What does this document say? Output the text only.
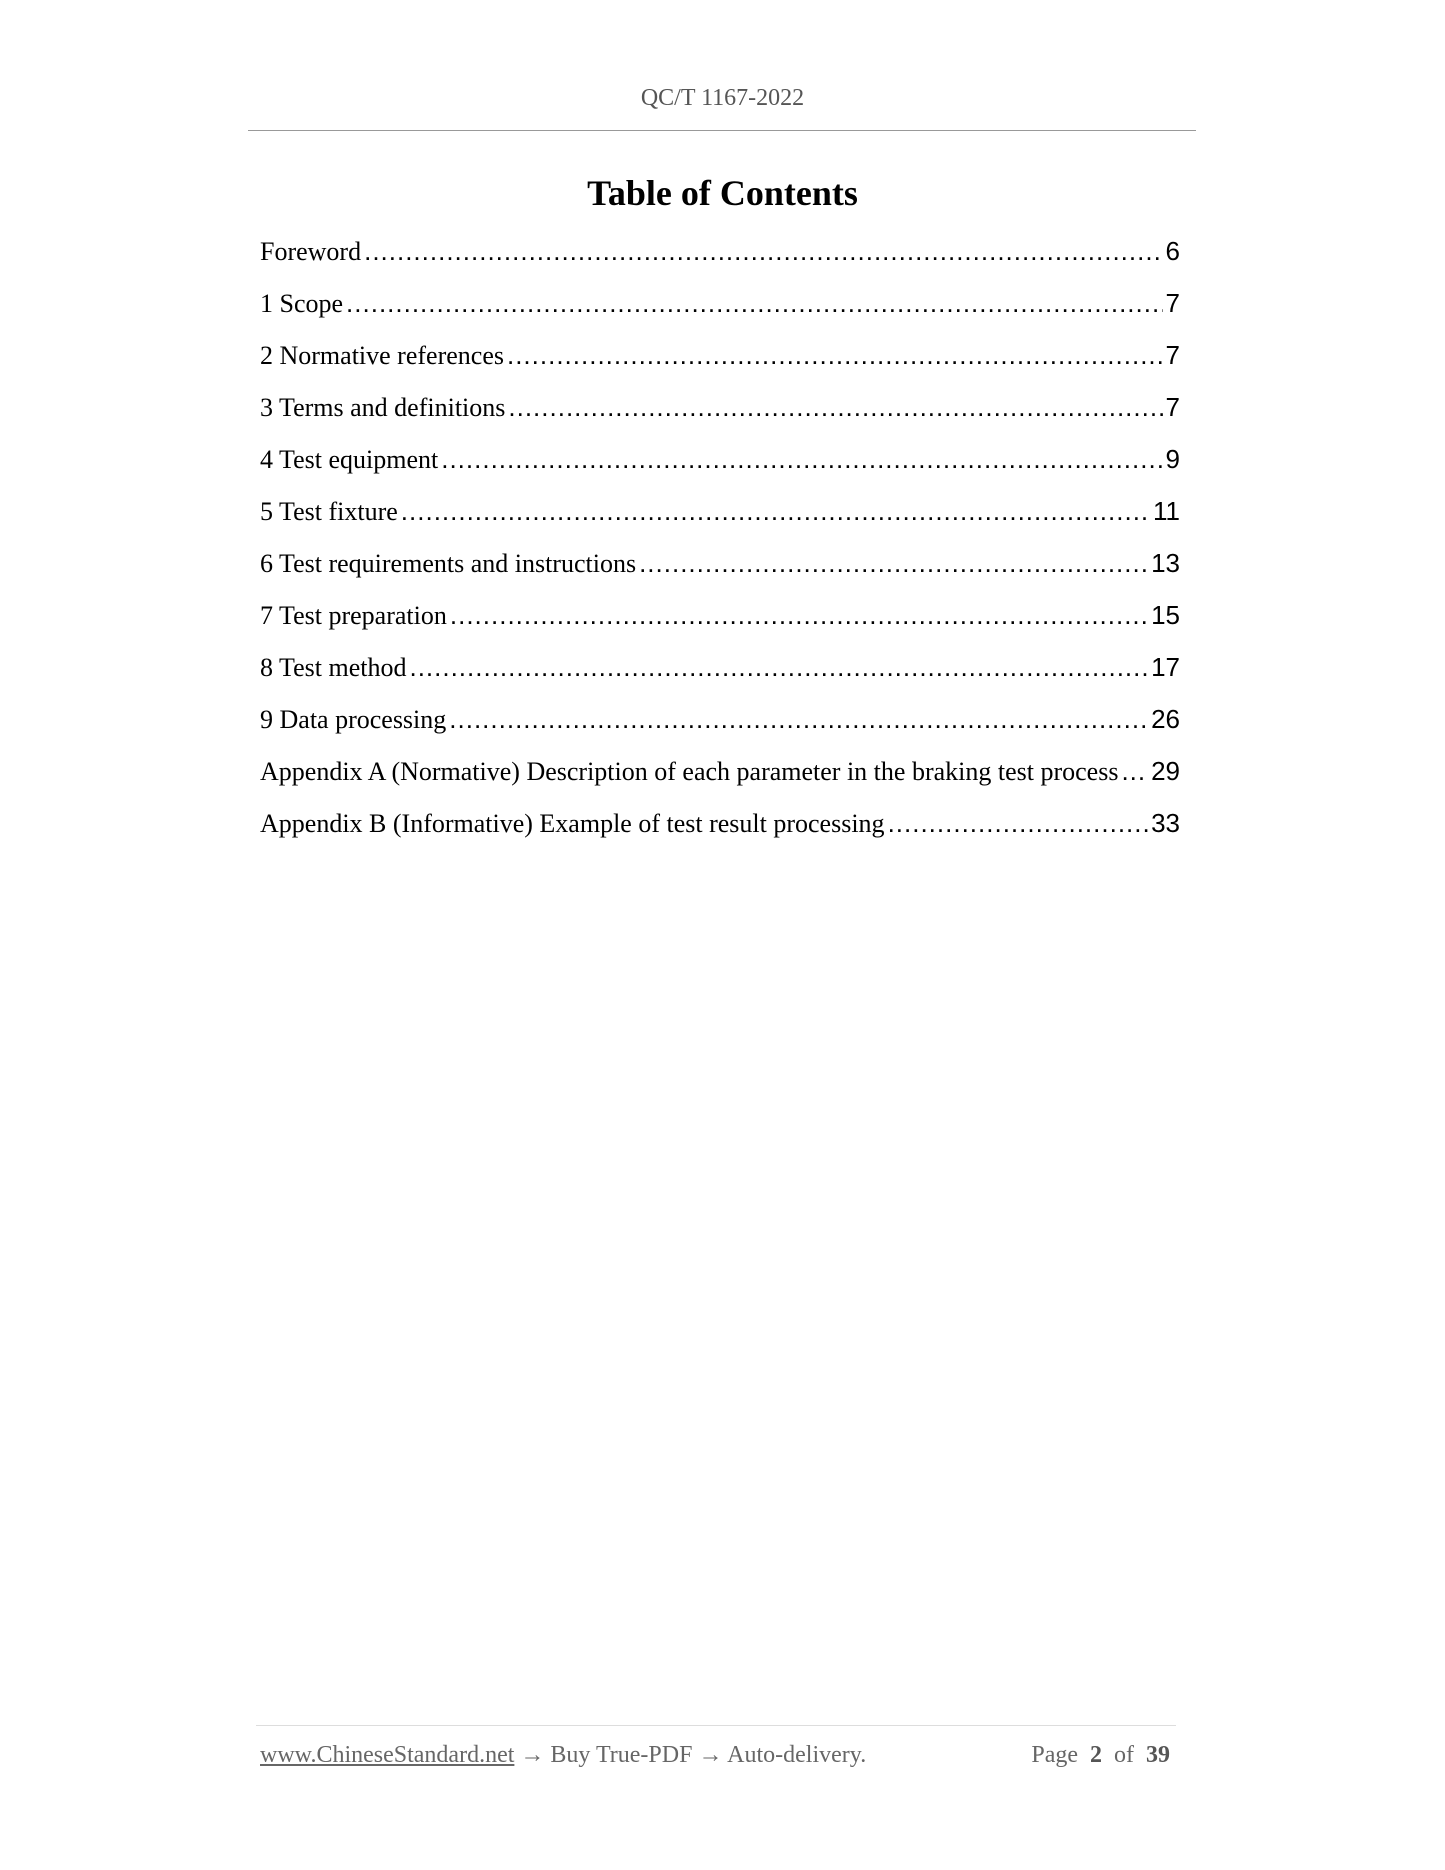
QC/T 1167-2022
Table of Contents
Foreword .....	6
1 Scope .....	7
2 Normative references .....	7
3 Terms and definitions .....	7
4 Test equipment .....	9
5 Test fixture .....	11
6 Test requirements and instructions .....	13
7 Test preparation .....	15
8 Test method .....	17
9 Data processing .....	26
Appendix A (Normative) Description of each parameter in the braking test process ..... 29
Appendix B (Informative) Example of test result processing .....	33
www.ChineseStandard.net → Buy True-PDF → Auto-delivery.	Page 2 of 39
